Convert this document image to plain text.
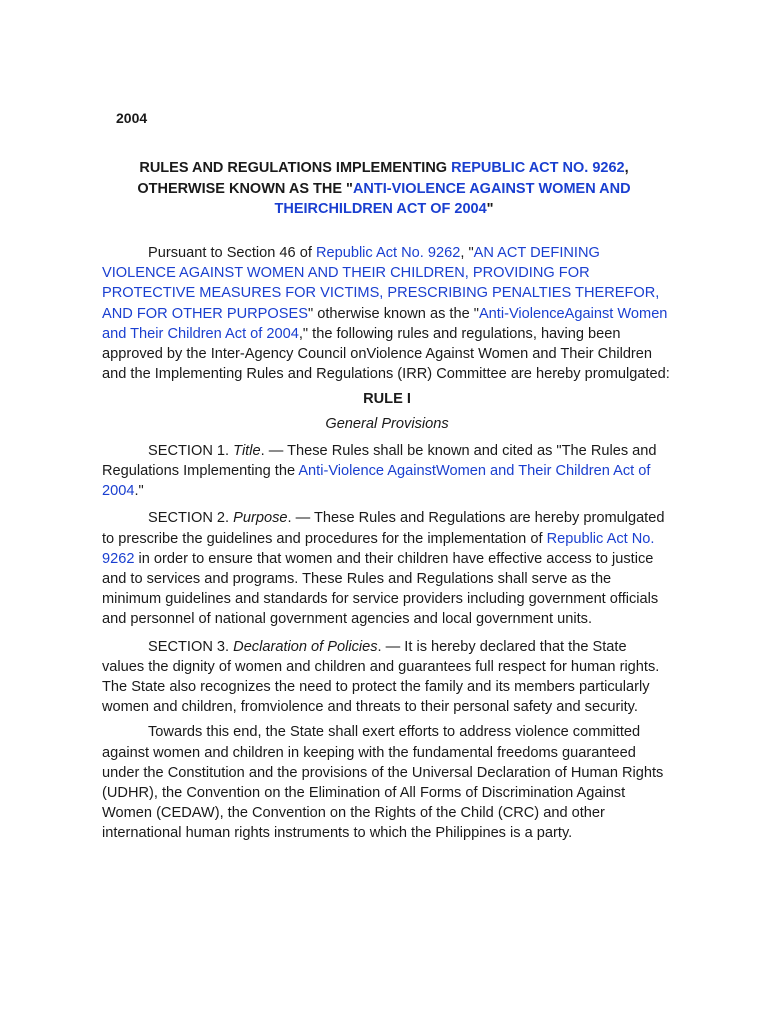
2004
RULES AND REGULATIONS IMPLEMENTING REPUBLIC ACT NO. 9262, OTHERWISE KNOWN AS THE "ANTI-VIOLENCE AGAINST WOMEN AND THEIRCHILDREN ACT OF 2004"

Pursuant to Section 46 of Republic Act No. 9262, "AN ACT DEFINING VIOLENCE AGAINST WOMEN AND THEIR CHILDREN, PROVIDING FOR PROTECTIVE MEASURES FOR VICTIMS, PRESCRIBING PENALTIES THEREFOR, AND FOR OTHER PURPOSES" otherwise known as the "Anti-ViolenceAgainst Women and Their Children Act of 2004," the following rules and regulations, having been approved by the Inter-Agency Council onViolence Against Women and Their Children and the Implementing Rules and Regulations (IRR) Committee are hereby promulgated:

RULE I

General Provisions

SECTION 1. Title. — These Rules shall be known and cited as "The Rules and Regulations Implementing the Anti-Violence AgainstWomen and Their Children Act of 2004."

SECTION 2. Purpose. — These Rules and Regulations are hereby promulgated to prescribe the guidelines and procedures for the implementation of Republic Act No. 9262 in order to ensure that women and their children have effective access to justice and to services and programs. These Rules and Regulations shall serve as the minimum guidelines and standards for service providers including government officials and personnel of national government agencies and local government units.

SECTION 3. Declaration of Policies. — It is hereby declared that the State values the dignity of women and children and guarantees full respect for human rights. The State also recognizes the need to protect the family and its members particularly women and children, fromviolence and threats to their personal safety and security.

Towards this end, the State shall exert efforts to address violence committed against women and children in keeping with the fundamental freedoms guaranteed under the Constitution and the provisions of the Universal Declaration of Human Rights (UDHR), the Convention on the Elimination of All Forms of Discrimination Against Women (CEDAW), the Convention on the Rights of the Child (CRC) and other international human rights instruments to which the Philippines is a party.
